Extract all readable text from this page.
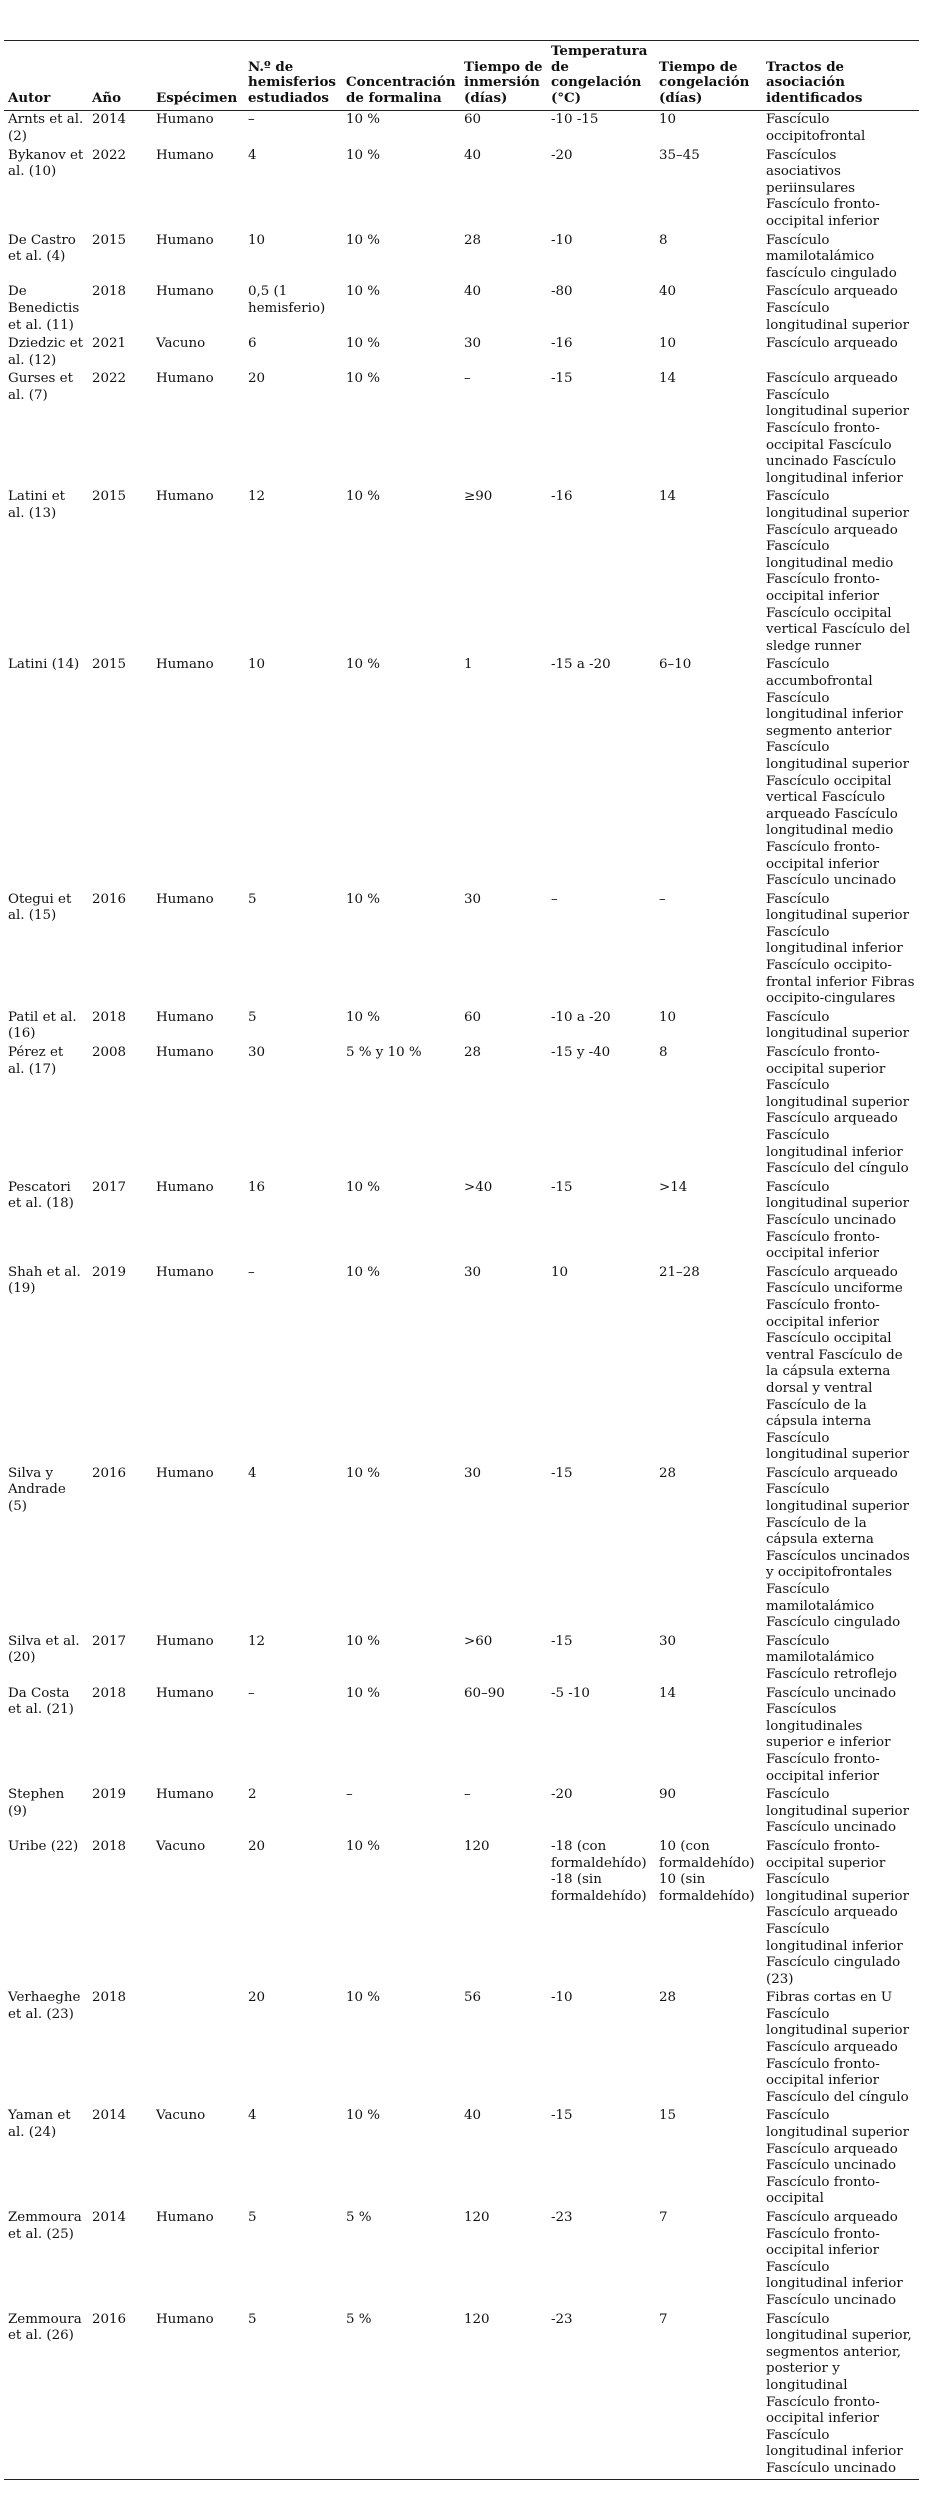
Autor	Año	Espécimen	N.º de hemisferios estudiados	Concentración de formalina	Tiempo de inmersión (días)	Temperatura de congelación (°C)	Tiempo de congelación (días)	Tractos de asociación identificados
Arnts et al. (2)	2014	Humano	–	10 %	60	-10 -15	10	Fascículo occipitofrontal
Bykanov et al. (10)	2022	Humano	4	10 %	40	-20	35–45	Fascículos asociativos periinsulares Fascículo fronto-occipital inferior
De Castro et al. (4)	2015	Humano	10	10 %	28	-10	8	Fascículo mamilotalámico fascículo cingulado
De Benedictis et al. (11)	2018	Humano	0,5 (1 hemisferio)	10 %	40	-80	40	Fascículo arqueado Fascículo longitudinal superior
Dziedzic et al. (12)	2021	Vacuno	6	10 %	30	-16	10	Fascículo arqueado
Gurses et al. (7)	2022	Humano	20	10 %	–	-15	14	Fascículo arqueado Fascículo longitudinal superior Fascículo fronto-occipital Fascículo uncinado Fascículo longitudinal inferior
Latini et al. (13)	2015	Humano	12	10 %	≥90	-16	14	Fascículo longitudinal superior Fascículo arqueado Fascículo longitudinal medio Fascículo fronto-occipital inferior Fascículo occipital vertical Fascículo del sledge runner
Latini (14)	2015	Humano	10	10 %	1	-15 a -20	6–10	Fascículo accumbofrontal Fascículo longitudinal inferior segmento anterior Fascículo longitudinal superior Fascículo occipital vertical Fascículo arqueado Fascículo longitudinal medio Fascículo fronto-occipital inferior Fascículo uncinado
Otegui et al. (15)	2016	Humano	5	10 %	30	–	–	Fascículo longitudinal superior Fascículo longitudinal inferior Fascículo occipito-frontal inferior Fibras occipito-cingulares
Patil et al. (16)	2018	Humano	5	10 %	60	-10 a -20	10	Fascículo longitudinal superior
Pérez et al. (17)	2008	Humano	30	5 % y 10 %	28	-15 y -40	8	Fascículo fronto-occipital superior Fascículo longitudinal superior Fascículo arqueado Fascículo longitudinal inferior Fascículo del cíngulo
Pescatori et al. (18)	2017	Humano	16	10 %	>40	-15	>14	Fascículo longitudinal superior Fascículo uncinado Fascículo fronto-occipital inferior
Shah et al. (19)	2019	Humano	–	10 %	30	10	21–28	Fascículo arqueado Fascículo unciforme Fascículo fronto-occipital inferior Fascículo occipital ventral Fascículo de la cápsula externa dorsal y ventral Fascículo de la cápsula interna Fascículo longitudinal superior
Silva y Andrade (5)	2016	Humano	4	10 %	30	-15	28	Fascículo arqueado Fascículo longitudinal superior Fascículo de la cápsula externa Fascículos uncinados y occipitofrontales Fascículo mamilotalámico Fascículo cingulado
Silva et al. (20)	2017	Humano	12	10 %	>60	-15	30	Fascículo mamilotalámico Fascículo retroflejo
Da Costa et al. (21)	2018	Humano	–	10 %	60–90	-5 -10	14	Fascículo uncinado Fascículos longitudinales superior e inferior Fascículo fronto-occipital inferior
Stephen (9)	2019	Humano	2	–	–	-20	90	Fascículo longitudinal superior Fascículo uncinado
Uribe (22)	2018	Vacuno	20	10 %	120	-18 (con formaldehído) -18 (sin formaldehído)	10 (con formaldehído) 10 (sin formaldehído)	Fascículo fronto-occipital superior Fascículo longitudinal superior Fascículo arqueado Fascículo longitudinal inferior Fascículo cingulado (23)
Verhaeghe et al. (23)	2018		20	10 %	56	-10	28	Fibras cortas en U Fascículo longitudinal superior Fascículo arqueado Fascículo fronto-occipital inferior Fascículo del cíngulo
Yaman et al. (24)	2014	Vacuno	4	10 %	40	-15	15	Fascículo longitudinal superior Fascículo arqueado Fascículo uncinado Fascículo fronto-occipital
Zemmoura et al. (25)	2014	Humano	5	5 %	120	-23	7	Fascículo arqueado Fascículo fronto-occipital inferior Fascículo longitudinal inferior Fascículo uncinado
Zemmoura et al. (26)	2016	Humano	5	5 %	120	-23	7	Fascículo longitudinal superior, segmentos anterior, posterior y longitudinal Fascículo fronto-occipital inferior Fascículo longitudinal inferior Fascículo uncinado
